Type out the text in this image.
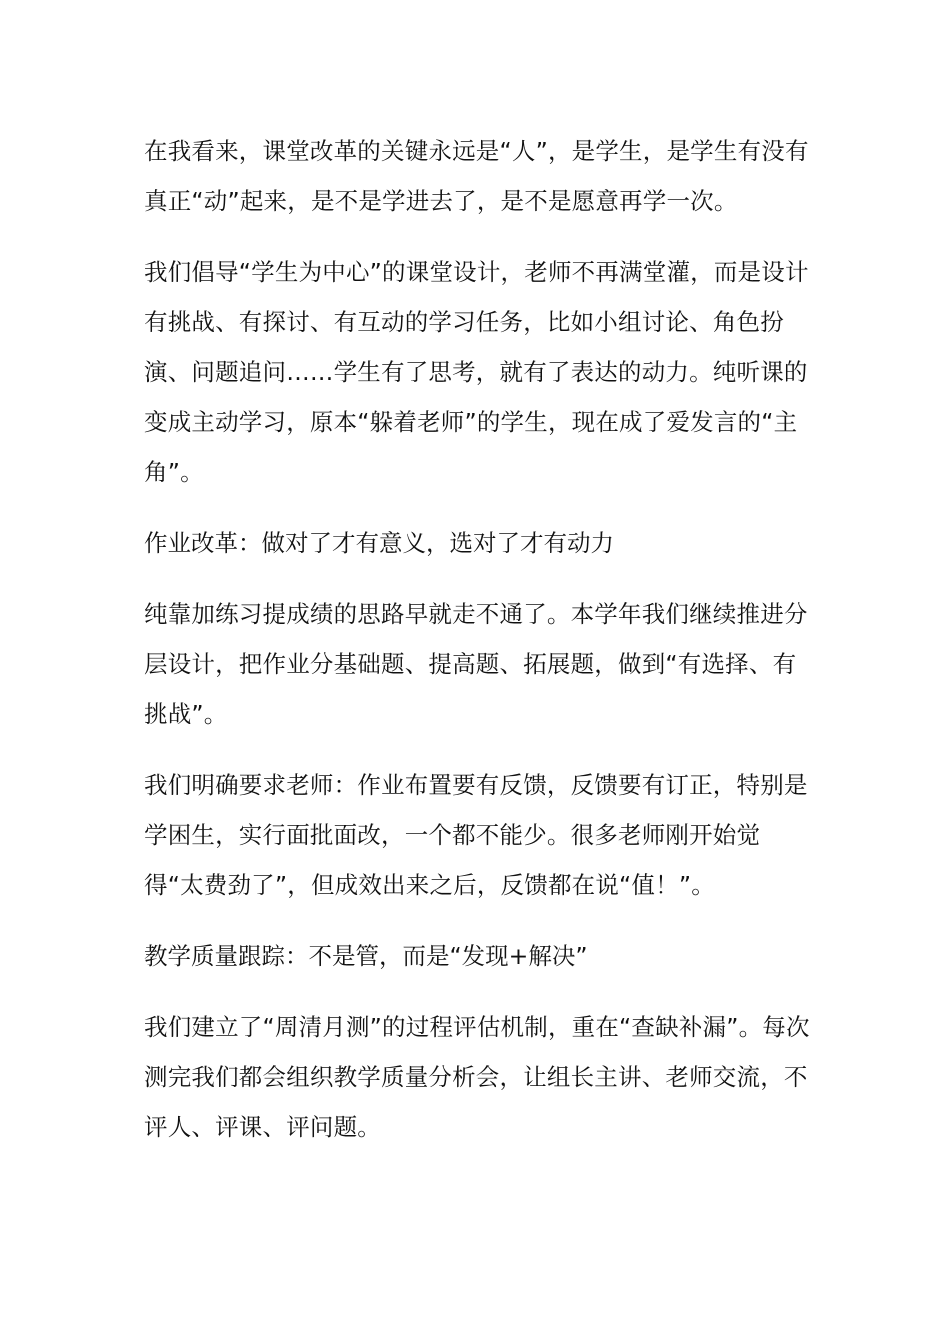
在我看来，课堂改革的关键永远是“人”，是学生，是学生有没有真正“动”起来，是不是学进去了，是不是愿意再学一次。

我们倡导“学生为中心”的课堂设计，老师不再满堂灌，而是设计有挑战、有探讨、有互动的学习任务，比如小组讨论、角色扮演、问题追问……学生有了思考，就有了表达的动力。纯听课的变成主动学习，原本“躲着老师”的学生，现在成了爱发言的“主角”。

作业改革：做对了才有意义，选对了才有动力

纯靠加练习提成绩的思路早就走不通了。本学年我们继续推进分层设计，把作业分基础题、提高题、拓展题，做到“有选择、有挑战”。

我们明确要求老师：作业布置要有反馈，反馈要有订正，特别是学困生，实行面批面改，一个都不能少。很多老师刚开始觉得“太费劲了”，但成效出来之后，反馈都在说“值！”。

教学质量跟踪：不是管，而是“发现+解决”

我们建立了“周清月测”的过程评估机制，重在“查缺补漏”。每次测完我们都会组织教学质量分析会，让组长主讲、老师交流，不评人、评课、评问题。
